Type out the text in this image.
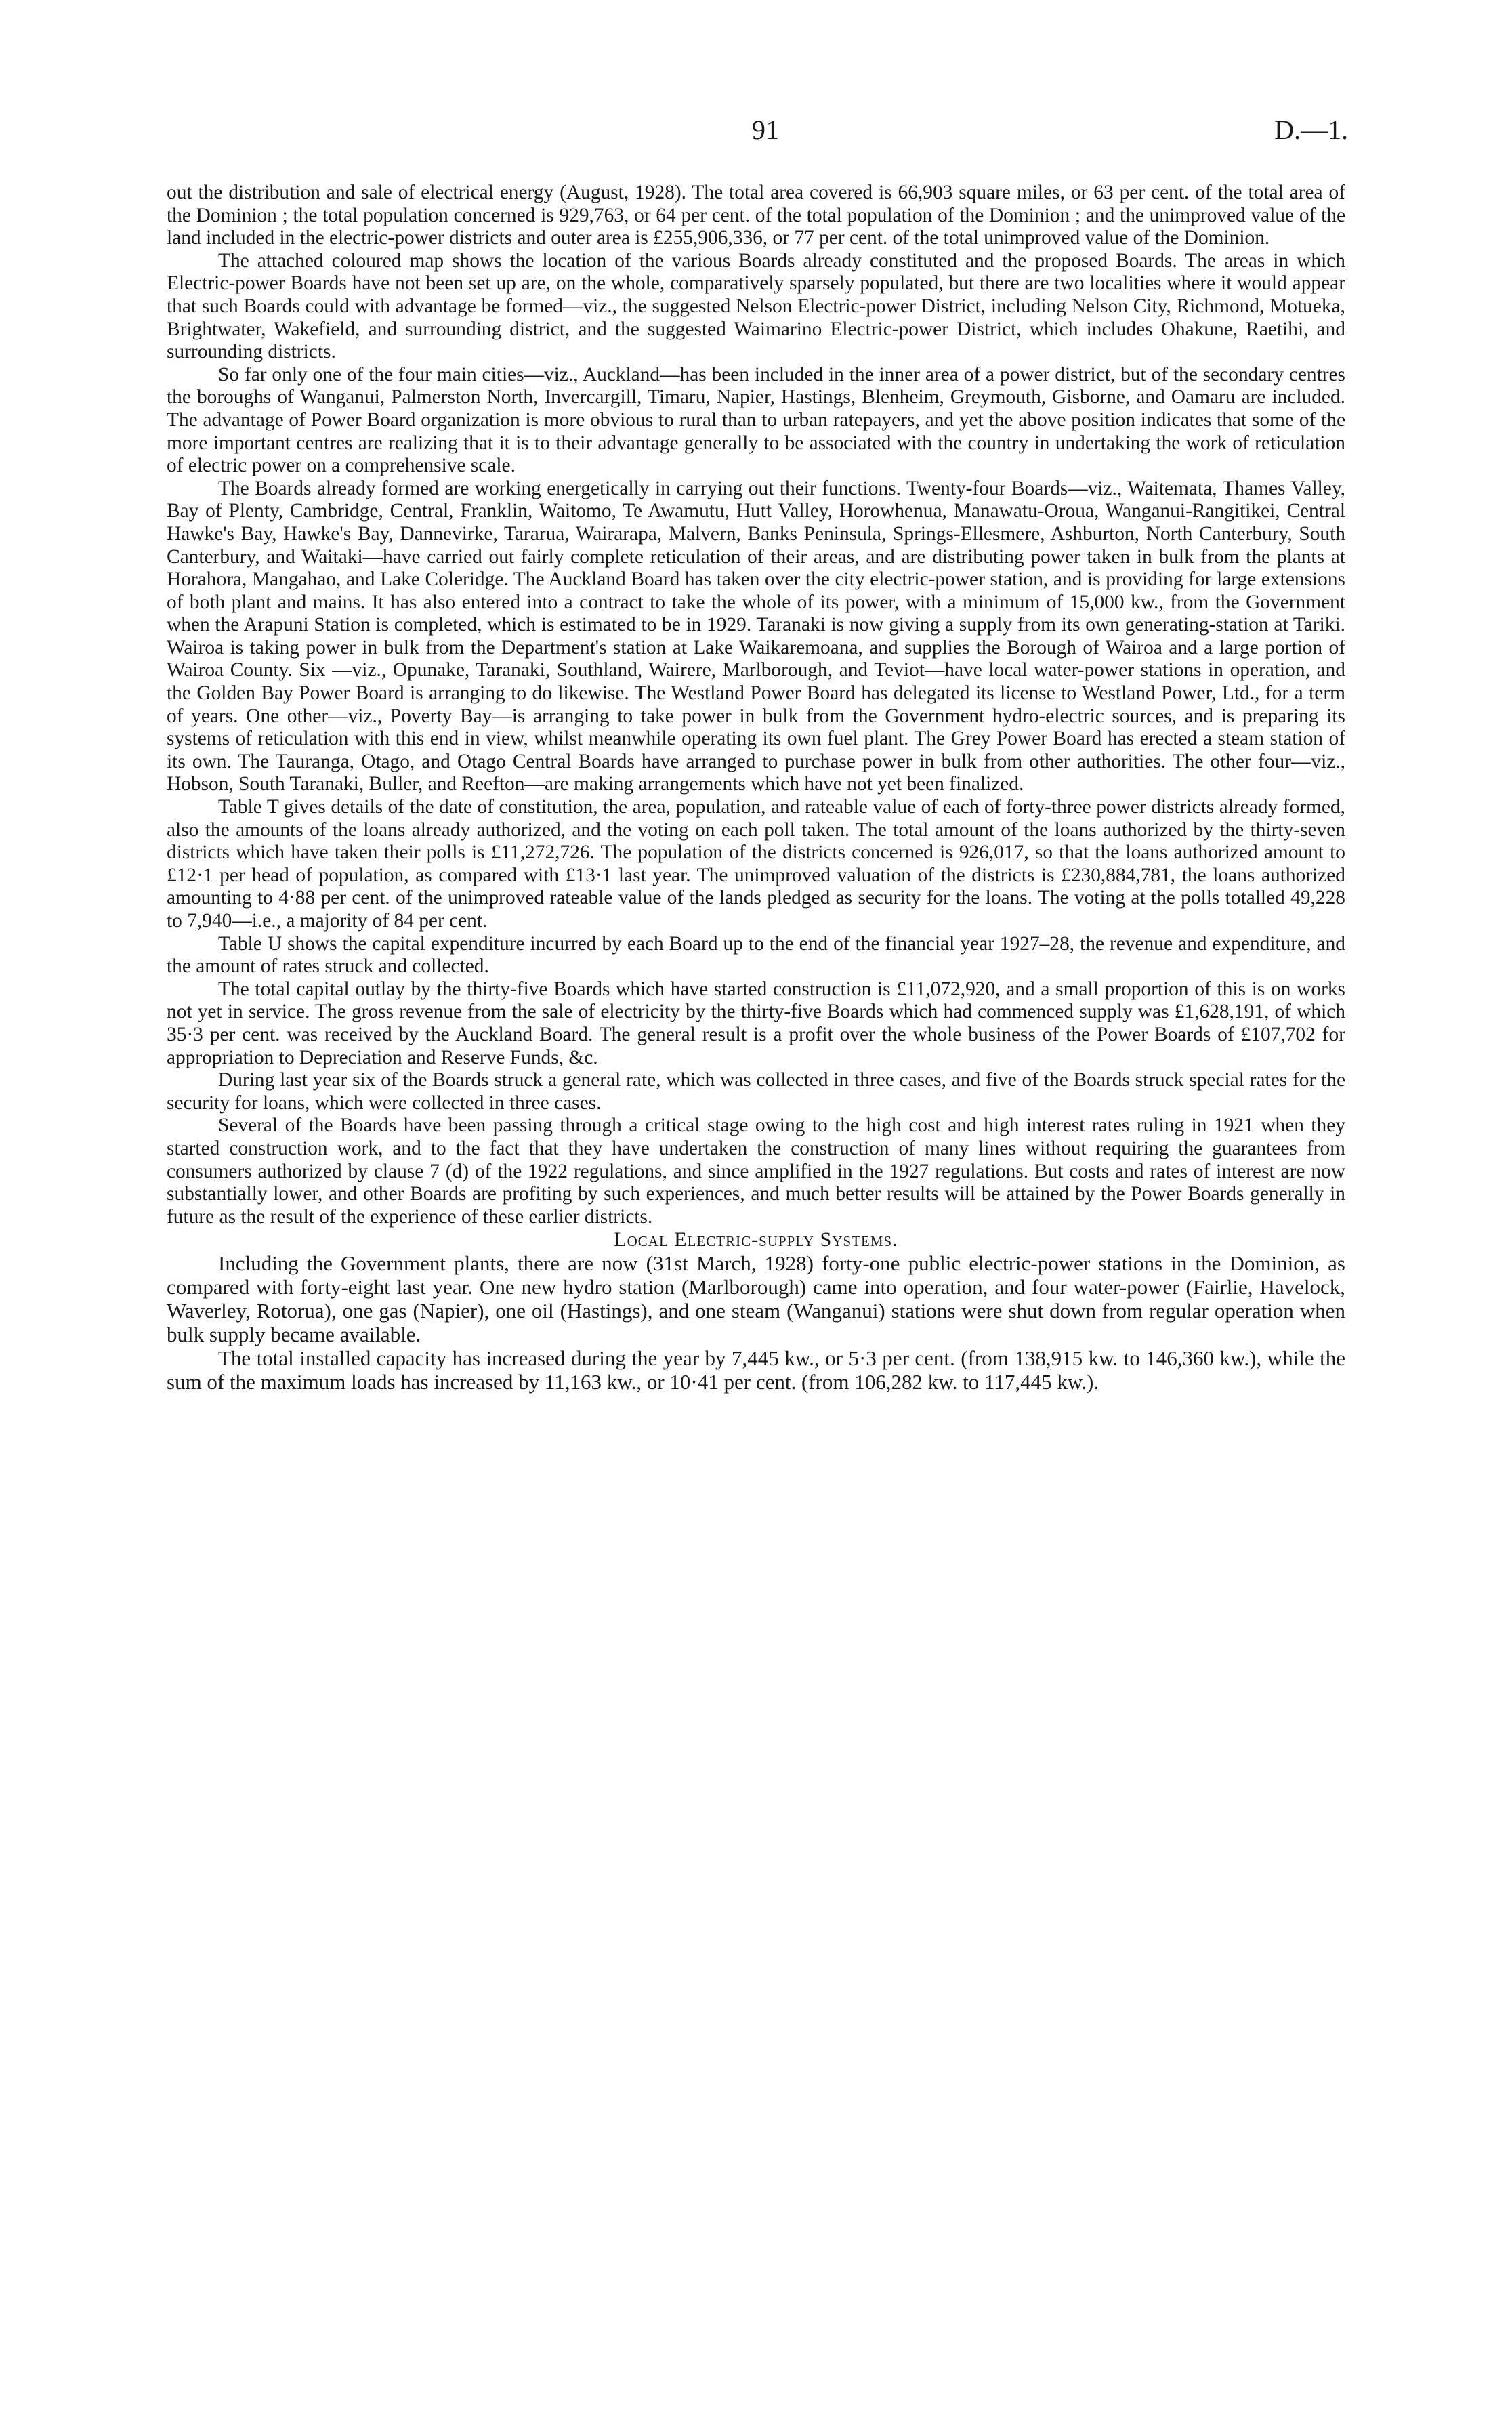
91	D.—1.

out the distribution and sale of electrical energy (August, 1928). The total area covered is 66,903 square miles, or 63 per cent. of the total area of the Dominion ; the total population concerned is 929,763, or 64 per cent. of the total population of the Dominion ; and the unimproved value of the land included in the electric-power districts and outer area is £255,906,336, or 77 per cent. of the total unimproved value of the Dominion.

The attached coloured map shows the location of the various Boards already constituted and the proposed Boards. The areas in which Electric-power Boards have not been set up are, on the whole, comparatively sparsely populated, but there are two localities where it would appear that such Boards could with advantage be formed—viz., the suggested Nelson Electric-power District, including Nelson City, Richmond, Motueka, Brightwater, Wakefield, and surrounding district, and the suggested Waimarino Electric-power District, which includes Ohakune, Raetihi, and surrounding districts.

So far only one of the four main cities—viz., Auckland—has been included in the inner area of a power district, but of the secondary centres the boroughs of Wanganui, Palmerston North, Invercargill, Timaru, Napier, Hastings, Blenheim, Greymouth, Gisborne, and Oamaru are included. The advantage of Power Board organization is more obvious to rural than to urban ratepayers, and yet the above position indicates that some of the more important centres are realizing that it is to their advantage generally to be associated with the country in undertaking the work of reticulation of electric power on a comprehensive scale.

The Boards already formed are working energetically in carrying out their functions. Twenty-four Boards—viz., Waitemata, Thames Valley, Bay of Plenty, Cambridge, Central, Franklin, Waitomo, Te Awamutu, Hutt Valley, Horowhenua, Manawatu-Oroua, Wanganui-Rangitikei, Central Hawke's Bay, Hawke's Bay, Dannevirke, Tararua, Wairarapa, Malvern, Banks Peninsula, Springs-Ellesmere, Ashburton, North Canterbury, South Canterbury, and Waitaki—have carried out fairly complete reticulation of their areas, and are distributing power taken in bulk from the plants at Horahora, Mangahao, and Lake Coleridge. The Auckland Board has taken over the city electric-power station, and is providing for large extensions of both plant and mains. It has also entered into a contract to take the whole of its power, with a minimum of 15,000 kw., from the Government when the Arapuni Station is completed, which is estimated to be in 1929. Taranaki is now giving a supply from its own generating-station at Tariki. Wairoa is taking power in bulk from the Department's station at Lake Waikaremoana, and supplies the Borough of Wairoa and a large portion of Wairoa County. Six —viz., Opunake, Taranaki, Southland, Wairere, Marlborough, and Teviot—have local water-power stations in operation, and the Golden Bay Power Board is arranging to do likewise. The Westland Power Board has delegated its license to Westland Power, Ltd., for a term of years. One other—viz., Poverty Bay—is arranging to take power in bulk from the Government hydro-electric sources, and is preparing its systems of reticulation with this end in view, whilst meanwhile operating its own fuel plant. The Grey Power Board has erected a steam station of its own. The Tauranga, Otago, and Otago Central Boards have arranged to purchase power in bulk from other authorities. The other four—viz., Hobson, South Taranaki, Buller, and Reefton—are making arrangements which have not yet been finalized.

Table T gives details of the date of constitution, the area, population, and rateable value of each of forty-three power districts already formed, also the amounts of the loans already authorized, and the voting on each poll taken. The total amount of the loans authorized by the thirty-seven districts which have taken their polls is £11,272,726. The population of the districts concerned is 926,017, so that the loans authorized amount to £12·1 per head of population, as compared with £13·1 last year. The unimproved valuation of the districts is £230,884,781, the loans authorized amounting to 4·88 per cent. of the unimproved rateable value of the lands pledged as security for the loans. The voting at the polls totalled 49,228 to 7,940—i.e., a majority of 84 per cent.

Table U shows the capital expenditure incurred by each Board up to the end of the financial year 1927–28, the revenue and expenditure, and the amount of rates struck and collected.

The total capital outlay by the thirty-five Boards which have started construction is £11,072,920, and a small proportion of this is on works not yet in service. The gross revenue from the sale of electricity by the thirty-five Boards which had commenced supply was £1,628,191, of which 35·3 per cent. was received by the Auckland Board. The general result is a profit over the whole business of the Power Boards of £107,702 for appropriation to Depreciation and Reserve Funds, &c.

During last year six of the Boards struck a general rate, which was collected in three cases, and five of the Boards struck special rates for the security for loans, which were collected in three cases.

Several of the Boards have been passing through a critical stage owing to the high cost and high interest rates ruling in 1921 when they started construction work, and to the fact that they have undertaken the construction of many lines without requiring the guarantees from consumers authorized by clause 7 (d) of the 1922 regulations, and since amplified in the 1927 regulations. But costs and rates of interest are now substantially lower, and other Boards are profiting by such experiences, and much better results will be attained by the Power Boards generally in future as the result of the experience of these earlier districts.

Local Electric-supply Systems.

Including the Government plants, there are now (31st March, 1928) forty-one public electric-power stations in the Dominion, as compared with forty-eight last year. One new hydro station (Marlborough) came into operation, and four water-power (Fairlie, Havelock, Waverley, Rotorua), one gas (Napier), one oil (Hastings), and one steam (Wanganui) stations were shut down from regular operation when bulk supply became available.

The total installed capacity has increased during the year by 7,445 kw., or 5·3 per cent. (from 138,915 kw. to 146,360 kw.), while the sum of the maximum loads has increased by 11,163 kw., or 10·41 per cent. (from 106,282 kw. to 117,445 kw.).
